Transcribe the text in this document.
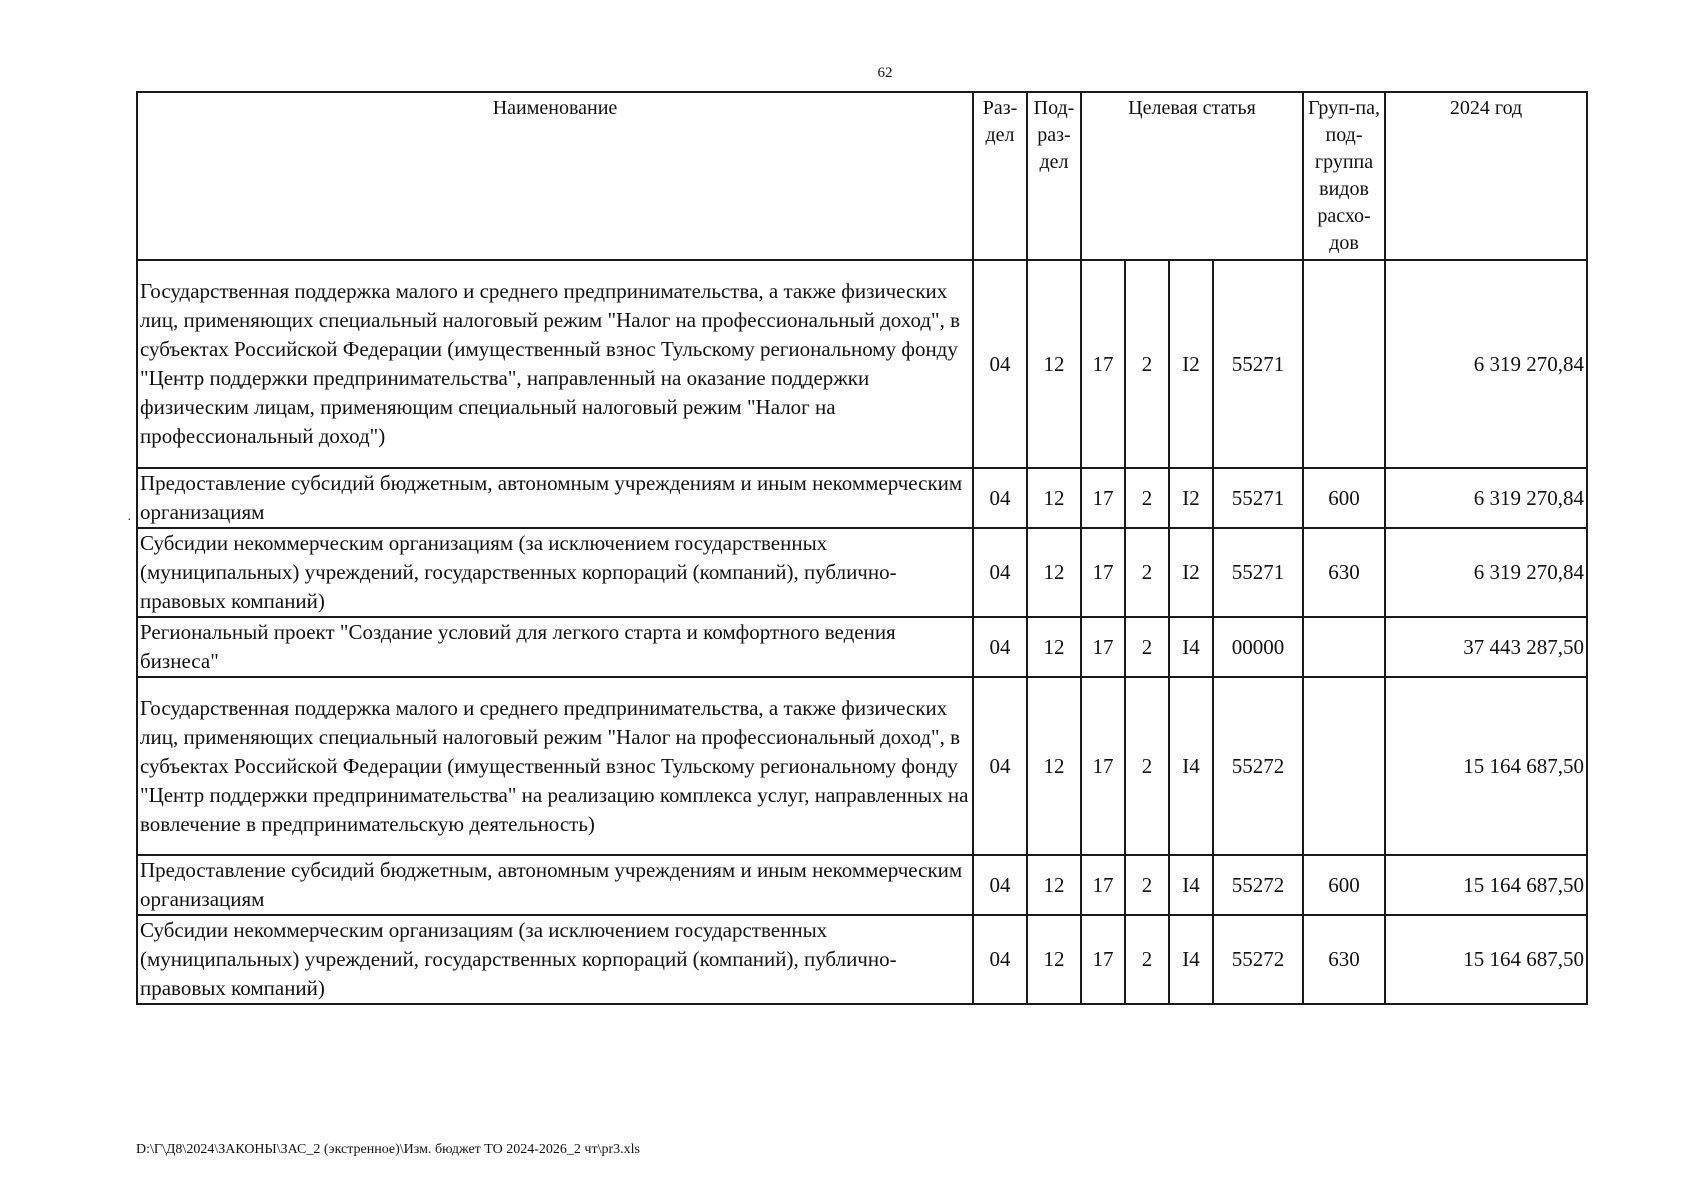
62
Наименование	Раз-дел	Под-раз-дел	Целевая статья				Груп-па, под-группа видов расхо-дов	2024 год
Государственная поддержка малого и среднего предпринимательства, а также физических лиц, применяющих специальный налоговый режим "Налог на профессиональный доход", в субъектах Российской Федерации (имущественный взнос Тульскому региональному фонду "Центр поддержки предпринимательства", направленный на оказание поддержки физическим лицам, применяющим специальный налоговый режим "Налог на профессиональный доход")	04	12	17	2	I2	55271		6 319 270,84
Предоставление субсидий бюджетным, автономным учреждениям и иным некоммерческим организациям	04	12	17	2	I2	55271	600	6 319 270,84
Субсидии некоммерческим организациям (за исключением государственных (муниципальных) учреждений, государственных корпораций (компаний), публично-правовых компаний)	04	12	17	2	I2	55271	630	6 319 270,84
Региональный проект "Создание условий для легкого старта и комфортного ведения бизнеса"	04	12	17	2	I4	00000		37 443 287,50
Государственная поддержка малого и среднего предпринимательства, а также физических лиц, применяющих специальный налоговый режим "Налог на профессиональный доход", в субъектах Российской Федерации (имущественный взнос Тульскому региональному фонду "Центр поддержки предпринимательства" на реализацию комплекса услуг, направленных на вовлечение в предпринимательскую деятельность)	04	12	17	2	I4	55272		15 164 687,50
Предоставление субсидий бюджетным, автономным учреждениям и иным некоммерческим организациям	04	12	17	2	I4	55272	600	15 164 687,50
Субсидии некоммерческим организациям (за исключением государственных (муниципальных) учреждений, государственных корпораций (компаний), публично-правовых компаний)	04	12	17	2	I4	55272	630	15 164 687,50
·
D:\Г\Д8\2024\ЗАКОНЫ\ЗАС_2 (экстренное)\Изм. бюджет ТО 2024-2026_2 чт\pr3.xls
